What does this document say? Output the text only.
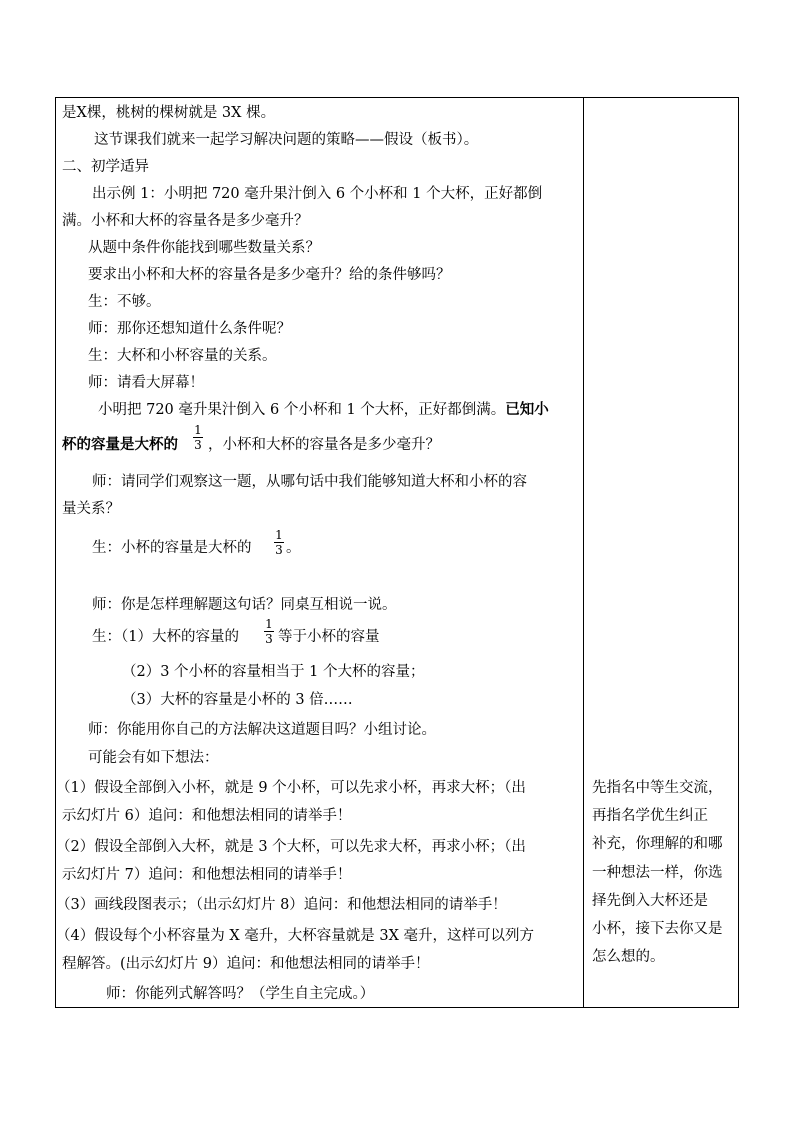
是X棵，桃树的棵树就是 3X 棵。
这节课我们就来一起学习解决问题的策略——假设（板书）。
二、初学适异
出示例 1：小明把 720 毫升果汁倒入 6 个小杯和 1 个大杯，正好都倒
满。小杯和大杯的容量各是多少毫升？
从题中条件你能找到哪些数量关系？
要求出小杯和大杯的容量各是多少毫升？给的条件够吗？
生：不够。
师：那你还想知道什么条件呢？
生：大杯和小杯容量的关系。
师：请看大屏幕！
小明把 720 毫升果汁倒入 6 个小杯和 1 个大杯，正好都倒满。已知小
杯的容量是大杯的
1
3 ，小杯和大杯的容量各是多少毫升？
师：请同学们观察这一题，从哪句话中我们能够知道大杯和小杯的容
量关系？
生：小杯的容量是大杯的
1
3 。
师：你是怎样理解题这句话？同桌互相说一说。
生：（1）大杯的容量的
1
3 等于小杯的容量
（2）3 个小杯的容量相当于 1 个大杯的容量；
（3）大杯的容量是小杯的 3 倍……
师：你能用你自己的方法解决这道题目吗？小组讨论。
可能会有如下想法：
（1）假设全部倒入小杯，就是 9 个小杯，可以先求小杯，再求大杯；（出
示幻灯片 6）追问：和他想法相同的请举手！
（2）假设全部倒入大杯，就是 3 个大杯，可以先求大杯，再求小杯；（出
示幻灯片 7）追问：和他想法相同的请举手！
（3）画线段图表示；（出示幻灯片 8）追问：和他想法相同的请举手！
（4）假设每个小杯容量为 X 毫升，大杯容量就是 3X 毫升，这样可以列方
程解答。(出示幻灯片 9）追问：和他想法相同的请举手！
师：你能列式解答吗？（学生自主完成。）
先指名中等生交流，
再指名学优生纠正
补充，你理解的和哪
一种想法一样，你选
择先倒入大杯还是
小杯，接下去你又是
怎么想的。
